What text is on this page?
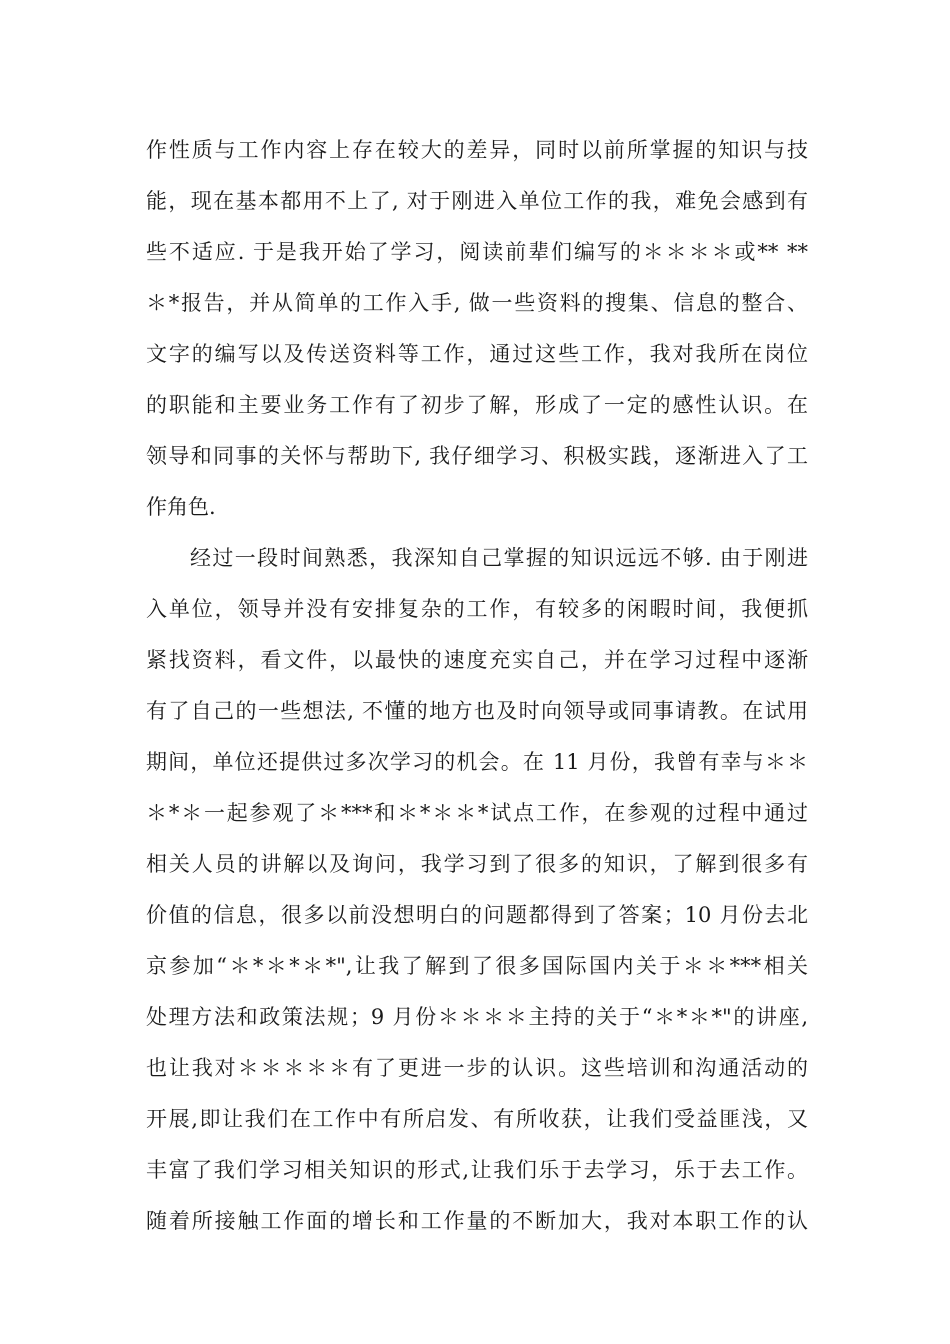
作性质与工作内容上存在较大的差异，同时以前所掌握的知识与技
能，现在基本都用不上了, 对于刚进入单位工作的我，难免会感到有
些不适应. 于是我开始了学习，阅读前辈们编写的＊＊＊＊或** **
＊*报告，并从简单的工作入手, 做一些资料的搜集、信息的整合、
文字的编写以及传送资料等工作，通过这些工作，我对我所在岗位
的职能和主要业务工作有了初步了解，形成了一定的感性认识。在
领导和同事的关怀与帮助下, 我仔细学习、积极实践，逐渐进入了工
作角色.
经过一段时间熟悉，我深知自己掌握的知识远远不够. 由于刚进
入单位，领导并没有安排复杂的工作，有较多的闲暇时间，我便抓
紧找资料，看文件，以最快的速度充实自己，并在学习过程中逐渐
有了自己的一些想法, 不懂的地方也及时向领导或同事请教。在试用
期间，单位还提供过多次学习的机会。在 11 月份，我曾有幸与＊＊
＊*＊一起参观了＊***和＊*＊＊*试点工作，在参观的过程中通过
相关人员的讲解以及询问，我学习到了很多的知识，了解到很多有
价值的信息，很多以前没想明白的问题都得到了答案；10 月份去北
京参加“＊*＊*＊*",让我了解到了很多国际国内关于＊＊***相关
处理方法和政策法规；9 月份＊＊＊＊主持的关于“＊*＊*"的讲座,
也让我对＊＊＊＊＊有了更进一步的认识。这些培训和沟通活动的
开展,即让我们在工作中有所启发、有所收获，让我们受益匪浅，又
丰富了我们学习相关知识的形式,让我们乐于去学习，乐于去工作。
随着所接触工作面的增长和工作量的不断加大，我对本职工作的认
